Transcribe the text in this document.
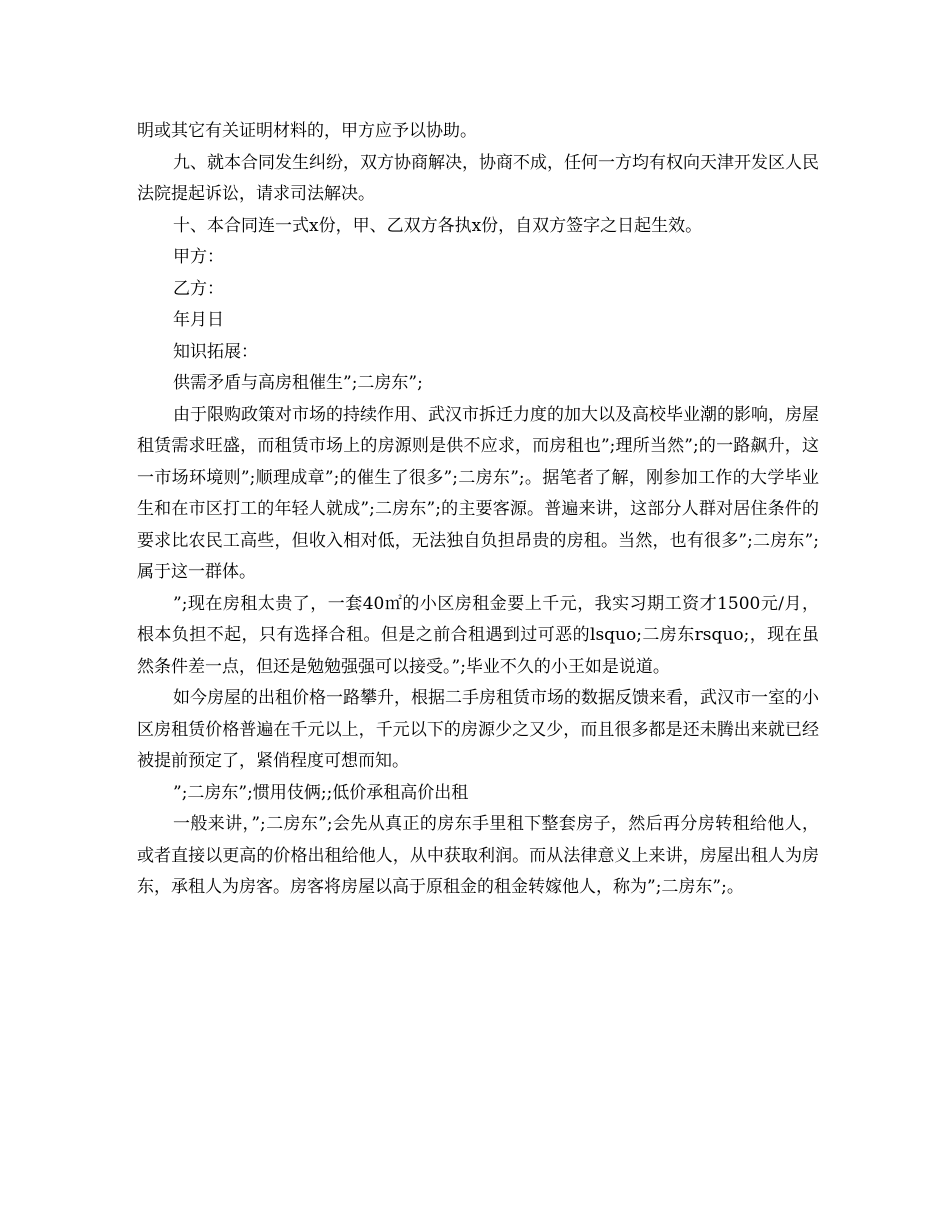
明或其它有关证明材料的，甲方应予以协助。

九、就本合同发生纠纷，双方协商解决，协商不成，任何一方均有权向天津开发区人民法院提起诉讼，请求司法解决。

十、本合同连一式x份，甲、乙双方各执x份，自双方签字之日起生效。

甲方：

乙方：

年月日

知识拓展：

供需矛盾与高房租催生”;二房东”;

由于限购政策对市场的持续作用、武汉市拆迁力度的加大以及高校毕业潮的影响，房屋租赁需求旺盛，而租赁市场上的房源则是供不应求，而房租也”;理所当然”;的一路飙升，这一市场环境则”;顺理成章”;的催生了很多”;二房东”;。据笔者了解，刚参加工作的大学毕业生和在市区打工的年轻人就成”;二房东”;的主要客源。普遍来讲，这部分人群对居住条件的要求比农民工高些，但收入相对低，无法独自负担昂贵的房租。当然，也有很多”;二房东”;属于这一群体。

”;现在房租太贵了，一套40㎡的小区房租金要上千元，我实习期工资才1500元/月，根本负担不起，只有选择合租。但是之前合租遇到过可恶的lsquo;二房东rsquo;，现在虽然条件差一点，但还是勉勉强强可以接受。”;毕业不久的小王如是说道。

如今房屋的出租价格一路攀升，根据二手房租赁市场的数据反馈来看，武汉市一室的小区房租赁价格普遍在千元以上，千元以下的房源少之又少，而且很多都是还未腾出来就已经被提前预定了，紧俏程度可想而知。

”;二房东”;惯用伎俩;;低价承租高价出租

一般来讲，”;二房东”;会先从真正的房东手里租下整套房子，然后再分房转租给他人，或者直接以更高的价格出租给他人，从中获取利润。而从法律意义上来讲，房屋出租人为房东，承租人为房客。房客将房屋以高于原租金的租金转嫁他人，称为”;二房东”;。
